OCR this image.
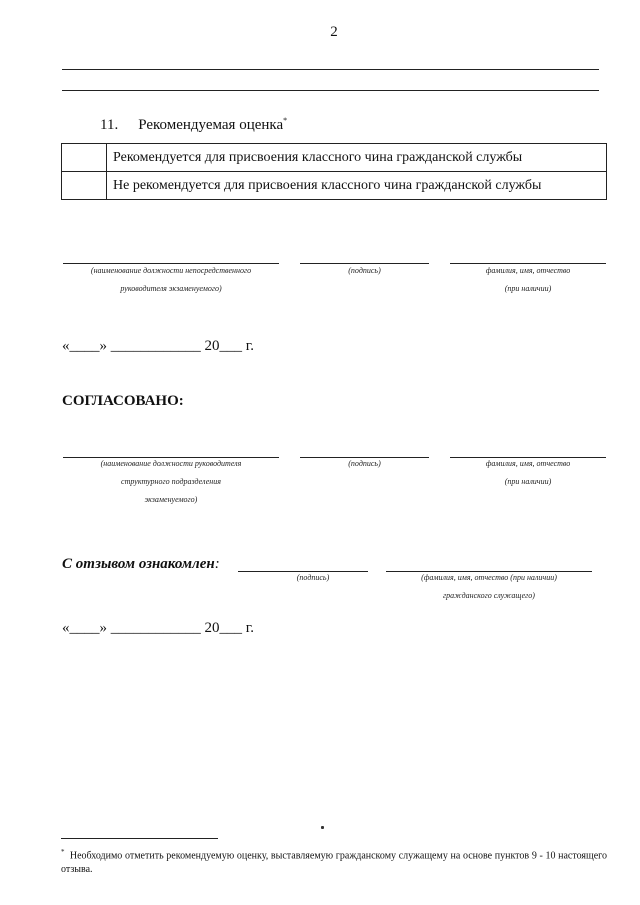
2
11. Рекомендуемая оценка*
	Рекомендуется для присвоения классного чина гражданской службы
	Не рекомендуется для присвоения классного чина гражданской службы
(наименование должности непосредственного
руководителя экзаменуемого)
(подпись)	фамилия, имя, отчество
(при наличии)
«____» ____________ 20___ г.
СОГЛАСОВАНО:
(наименование должности руководителя
структурного подразделения
экзаменуемого)
(подпись)	фамилия, имя, отчество
(при наличии)
С отзывом ознакомлен:
(подпись)	(фамилия, имя, отчество (при наличии)
гражданского служащего)
«____» ____________ 20___ г.
* Необходимо отметить рекомендуемую оценку, выставляемую гражданскому служащему на основе пунктов 9 - 10 настоящего отзыва.
